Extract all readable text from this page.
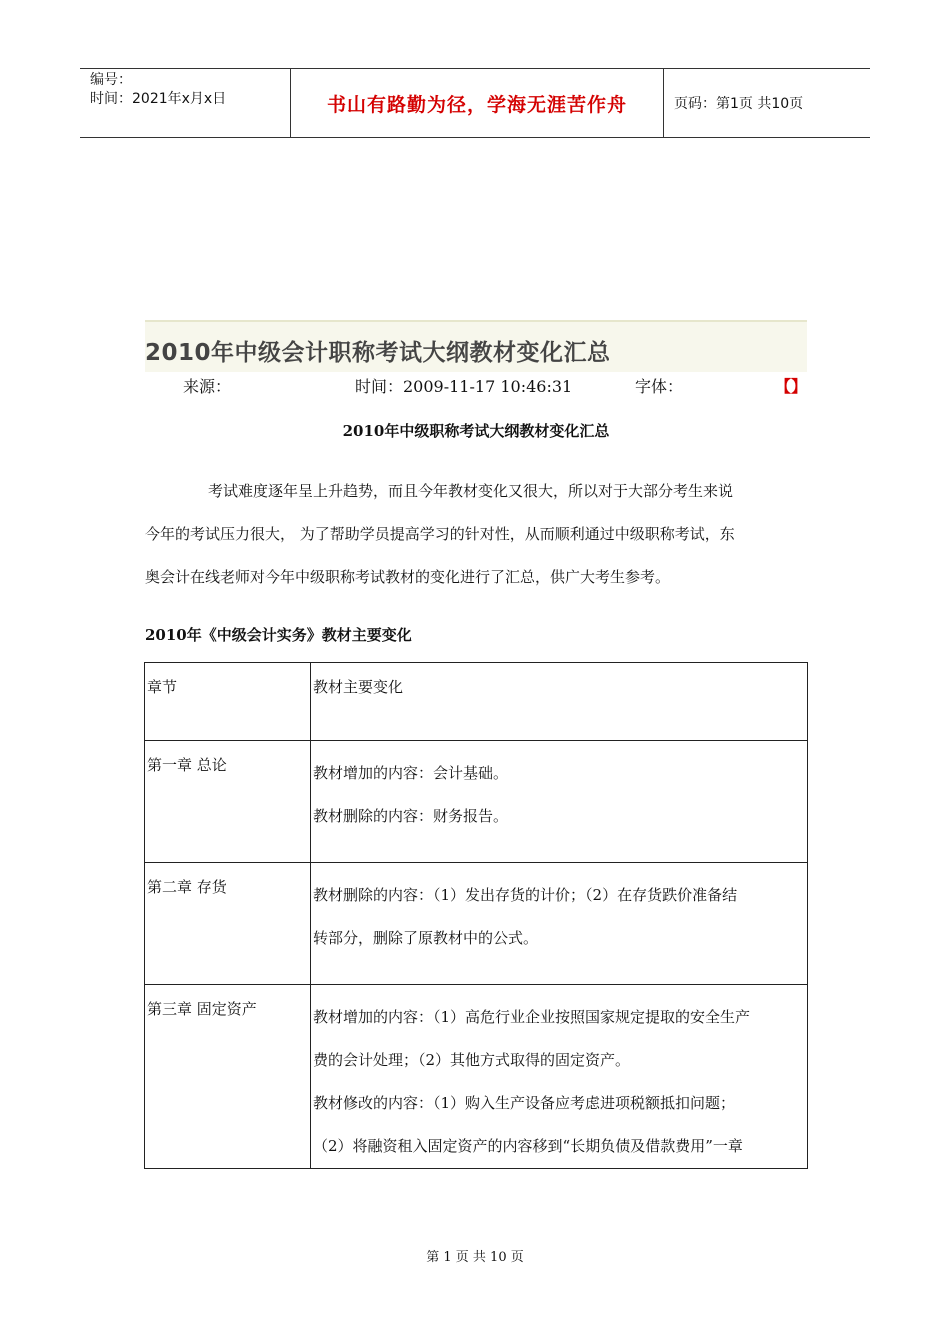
编号：
时间：2021年x月x日	书山有路勤为径，学海无涯苦作舟	页码：第1页 共10页
2010年中级会计职称考试大纲教材变化汇总
来源：	时间：2009-11-17 10:46:31	字体：	【】
2010年中级职称考试大纲教材变化汇总
考试难度逐年呈上升趋势，而且今年教材变化又很大，所以对于大部分考生来说
今年的考试压力很大， 为了帮助学员提高学习的针对性，从而顺利通过中级职称考试，东
奥会计在线老师对今年中级职称考试教材的变化进行了汇总，供广大考生参考。
2010年《中级会计实务》教材主要变化
章节	教材主要变化
第一章 总论	教材增加的内容：会计基础。

教材删除的内容：财务报告。

第二章 存货	教材删除的内容：（1）发出存货的计价；（2）在存货跌价准备结

转部分，删除了原教材中的公式。

第三章 固定资产	教材增加的内容：（1）高危行业企业按照国家规定提取的安全生产

费的会计处理；（2）其他方式取得的固定资产。

教材修改的内容：（1）购入生产设备应考虑进项税额抵扣问题；

（2）将融资租入固定资产的内容移到“长期负债及借款费用”一章

第 1 页 共 10 页
